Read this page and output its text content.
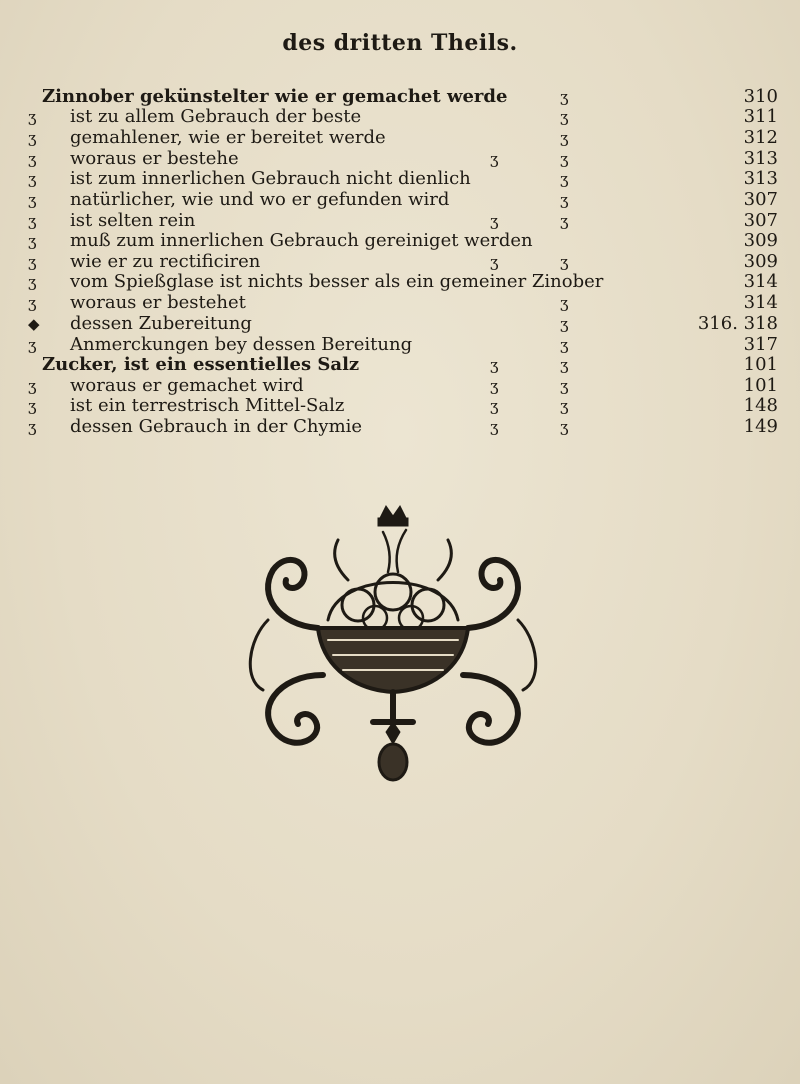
des dritten Theils.
Zinnober gekünstelter wie er gemachet werde	ʒ	310
ʒ ist zu allem Gebrauch der beste	ʒ	311
ʒ gemahlener, wie er bereitet werde	ʒ	312
ʒ woraus er bestehe	ʒ	ʒ	313
ʒ ist zum innerlichen Gebrauch nicht dienlich	ʒ	313
ʒ natürlicher, wie und wo er gefunden wird	ʒ	307
ʒ ist selten rein	ʒ	ʒ	307
ʒ muß zum innerlichen Gebrauch gereiniget werden	309
ʒ wie er zu rectificiren	ʒ	ʒ	309
ʒ vom Spießglase ist nichts besser als ein gemeiner Zinober	314
ʒ woraus er bestehet	ʒ	314
◆ dessen Zubereitung	ʒ	316. 318
ʒ Anmerckungen bey dessen Bereitung	ʒ	317
Zucker, ist ein essentielles Salz	ʒ	ʒ	101
ʒ woraus er gemachet wird	ʒ	ʒ	101
ʒ ist ein terrestrisch Mittel-Salz	ʒ	ʒ	148
ʒ dessen Gebrauch in der Chymie	ʒ	ʒ	149
